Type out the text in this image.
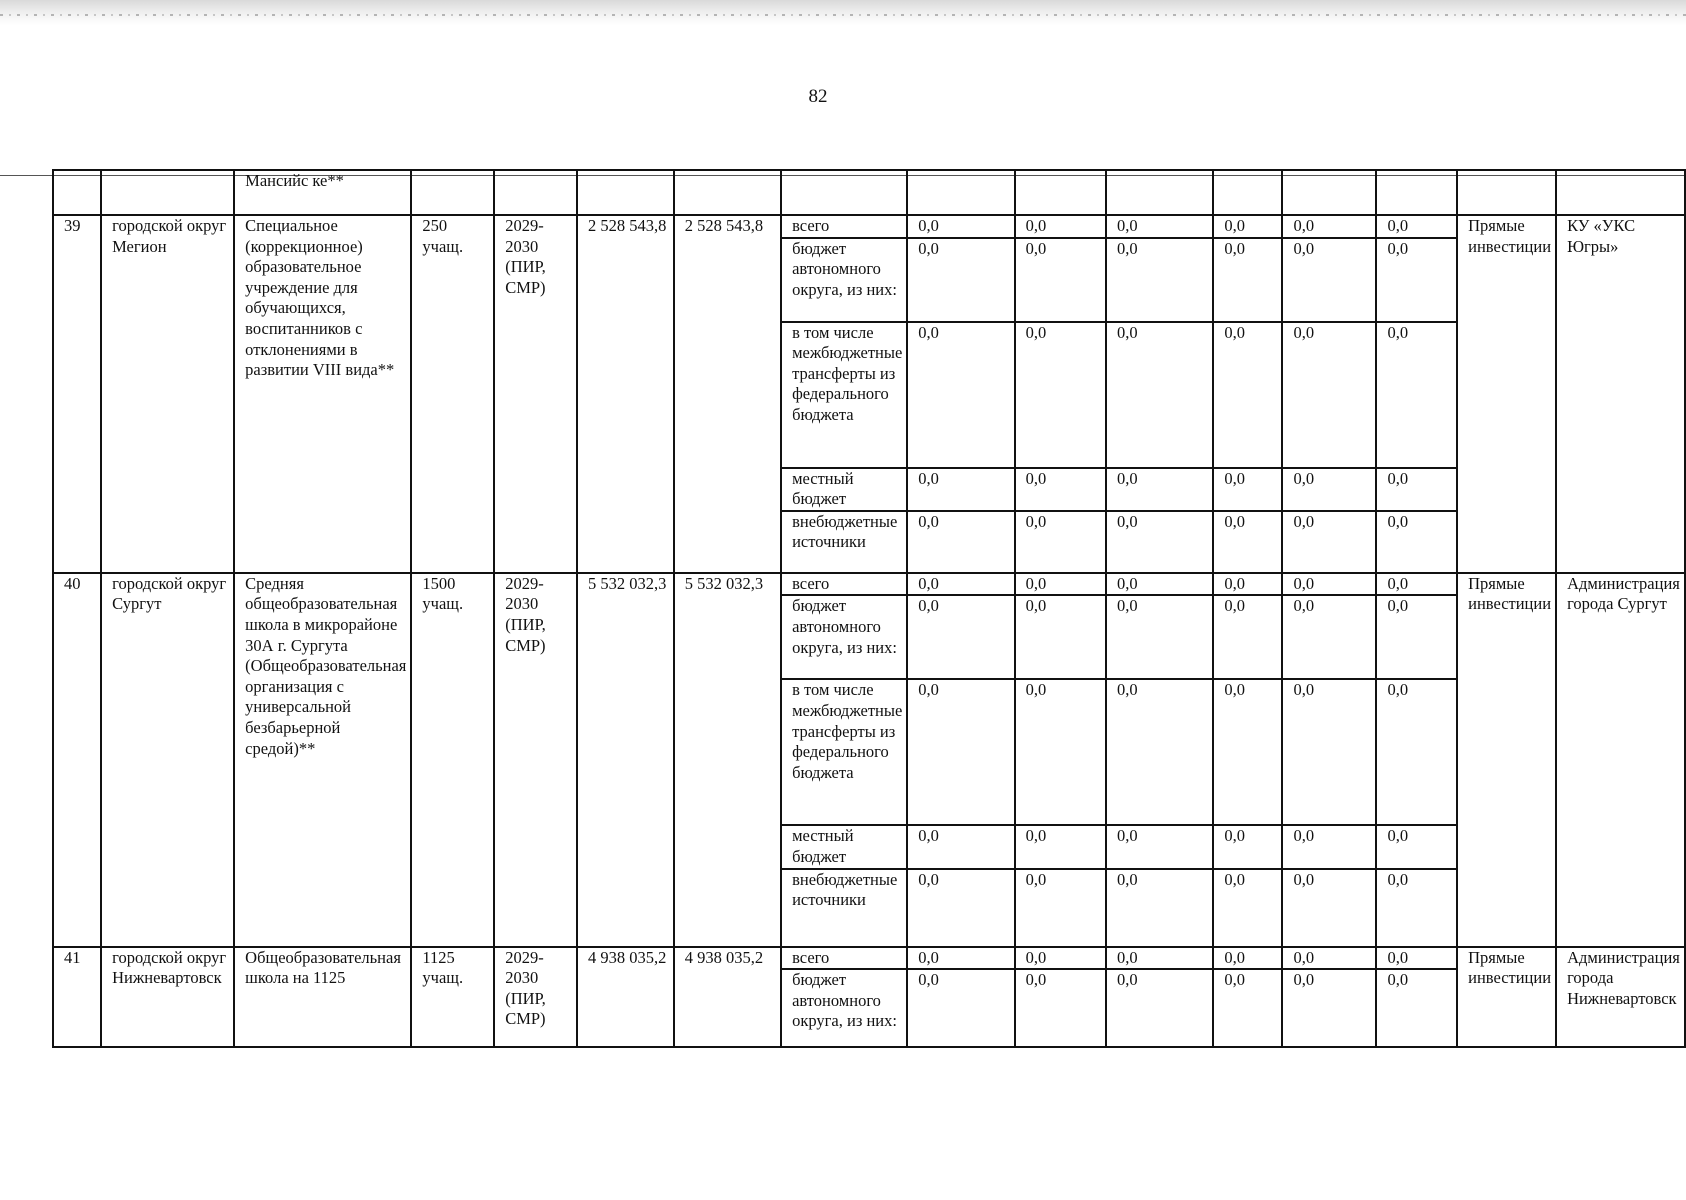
82
		Мансийс ке**													
39	городской округ Мегион	Специальное (коррекционное) образовательное учреждение для обучающихся, воспитанников с отклонениями в развитии VIII вида**	250 учащ.	2029-2030 (ПИР, СМР)	2 528 543,8	2 528 543,8	всего	0,0	0,0	0,0	0,0	0,0	0,0	Прямые инвестиции	КУ «УКС Югры»
							бюджет автономного округа, из них:	0,0	0,0	0,0	0,0	0,0	0,0		
							в том числе межбюджетные трансферты из федерального бюджета	0,0	0,0	0,0	0,0	0,0	0,0		
							местный бюджет	0,0	0,0	0,0	0,0	0,0	0,0		
							внебюджетные источники	0,0	0,0	0,0	0,0	0,0	0,0		
40	городской округ Сургут	Средняя общеобразовательная школа в микрорайоне 30А г. Сургута (Общеобразовательная организация с универсальной безбарьерной средой)**	1500 учащ.	2029-2030 (ПИР, СМР)	5 532 032,3	5 532 032,3	всего	0,0	0,0	0,0	0,0	0,0	0,0	Прямые инвестиции	Администрация города Сургут
							бюджет автономного округа, из них:	0,0	0,0	0,0	0,0	0,0	0,0		
							в том числе межбюджетные трансферты из федерального бюджета	0,0	0,0	0,0	0,0	0,0	0,0		
							местный бюджет	0,0	0,0	0,0	0,0	0,0	0,0		
							внебюджетные источники	0,0	0,0	0,0	0,0	0,0	0,0		
41	городской округ Нижневартовск	Общеобразовательная школа на 1125	1125 учащ.	2029-2030 (ПИР, СМР)	4 938 035,2	4 938 035,2	всего	0,0	0,0	0,0	0,0	0,0	0,0	Прямые инвестиции	Администрация города Нижневартовск
							бюджет автономного округа, из них:	0,0	0,0	0,0	0,0	0,0	0,0		
